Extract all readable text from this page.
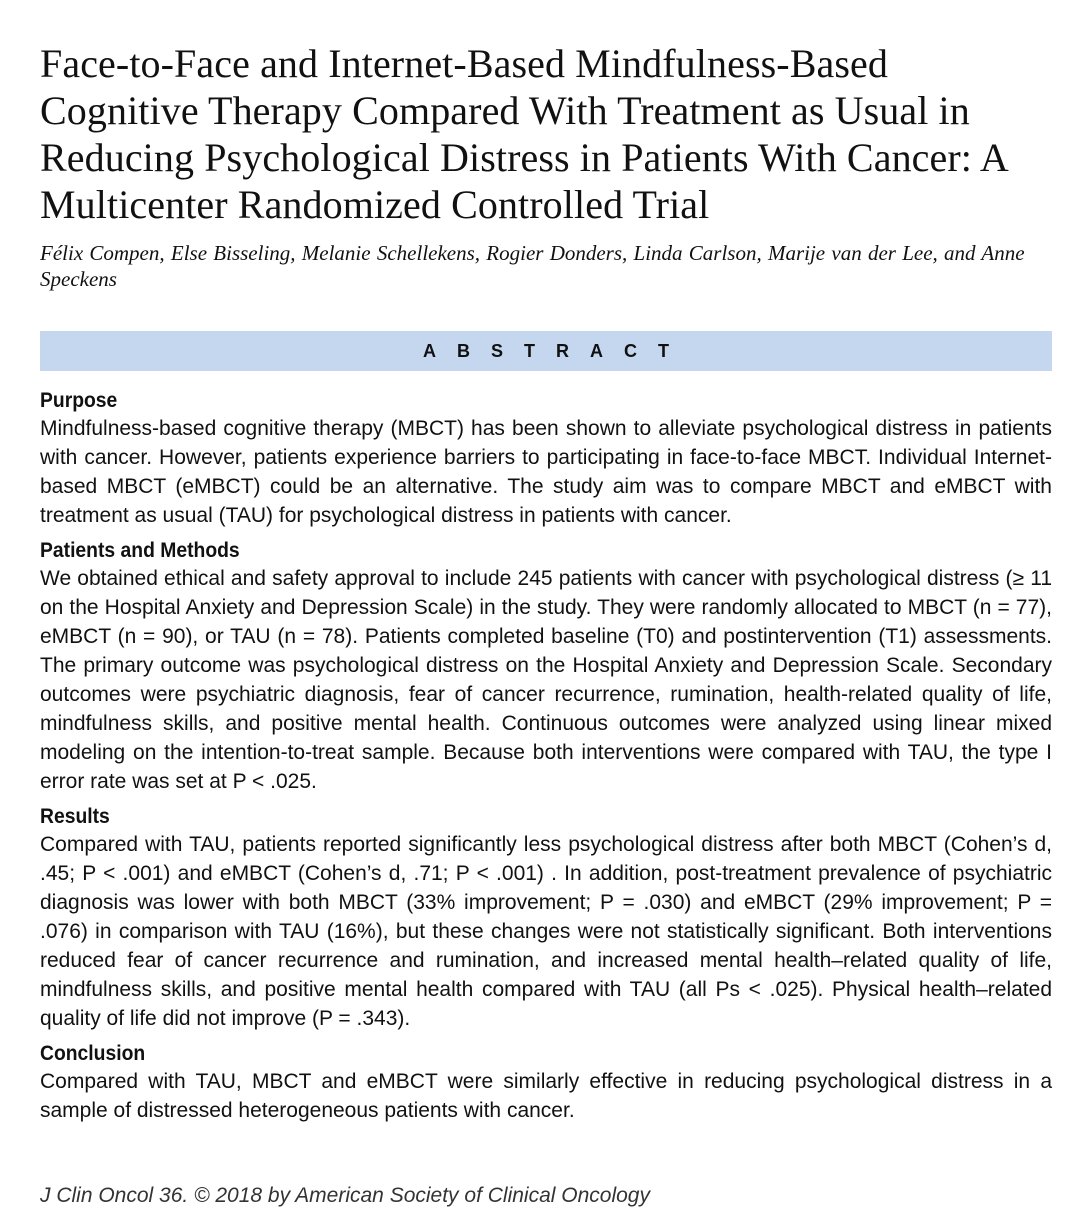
Face-to-Face and Internet-Based Mindfulness-Based Cognitive Therapy Compared With Treatment as Usual in Reducing Psychological Distress in Patients With Cancer: A Multicenter Randomized Controlled Trial
Félix Compen, Else Bisseling, Melanie Schellekens, Rogier Donders, Linda Carlson, Marije van der Lee, and Anne Speckens
ABSTRACT
Purpose

Mindfulness-based cognitive therapy (MBCT) has been shown to alleviate psychological distress in patients with cancer. However, patients experience barriers to participating in face-to-face MBCT. Individual Internet-based MBCT (eMBCT) could be an alternative. The study aim was to compare MBCT and eMBCT with treatment as usual (TAU) for psychological distress in patients with cancer.

Patients and Methods

We obtained ethical and safety approval to include 245 patients with cancer with psychological distress (≥ 11 on the Hospital Anxiety and Depression Scale) in the study. They were randomly allocated to MBCT (n = 77), eMBCT (n = 90), or TAU (n = 78). Patients completed baseline (T0) and postintervention (T1) assessments. The primary outcome was psychological distress on the Hospital Anxiety and Depression Scale. Secondary outcomes were psychiatric diagnosis, fear of cancer recurrence, rumination, health-related quality of life, mindfulness skills, and positive mental health. Continuous outcomes were analyzed using linear mixed modeling on the intention-to-treat sample. Because both interventions were compared with TAU, the type I error rate was set at P < .025.

Results

Compared with TAU, patients reported significantly less psychological distress after both MBCT (Cohen’s d, .45; P < .001) and eMBCT (Cohen’s d, .71; P < .001) . In addition, post-treatment prevalence of psychiatric diagnosis was lower with both MBCT (33% improvement; P = .030) and eMBCT (29% improvement; P = .076) in comparison with TAU (16%), but these changes were not statistically significant. Both interventions reduced fear of cancer recurrence and rumination, and increased mental health–related quality of life, mindfulness skills, and positive mental health compared with TAU (all Ps < .025). Physical health–related quality of life did not improve (P = .343).

Conclusion

Compared with TAU, MBCT and eMBCT were similarly effective in reducing psychological distress in a sample of distressed heterogeneous patients with cancer.

J Clin Oncol 36. © 2018 by American Society of Clinical Oncology
